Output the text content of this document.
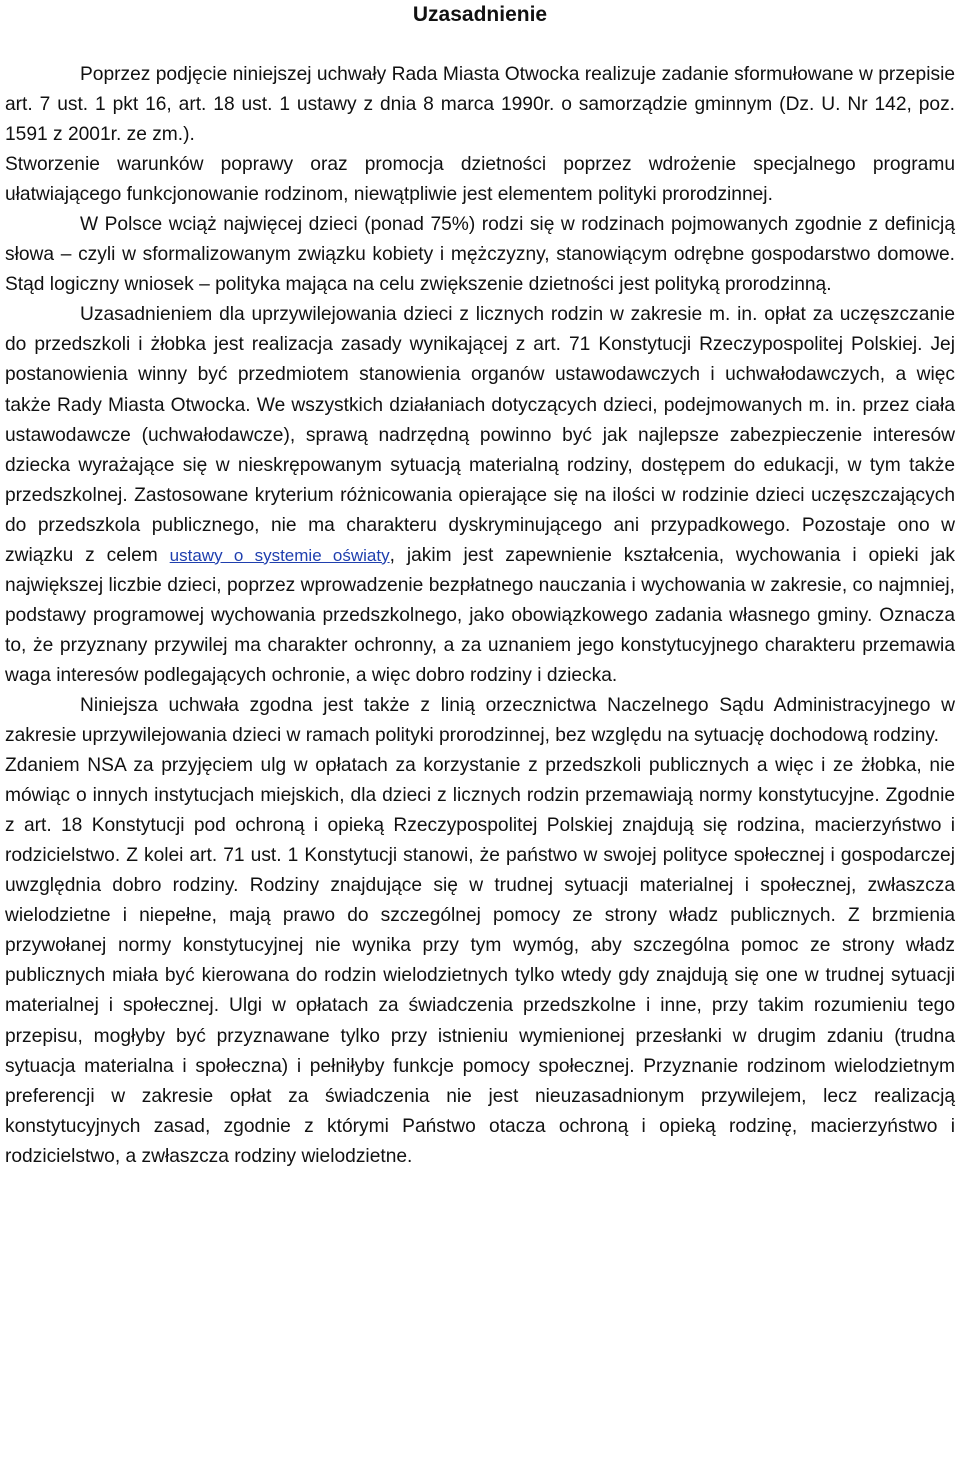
Uzasadnienie

Poprzez podjęcie niniejszej uchwały Rada Miasta Otwocka realizuje zadanie sformułowane w przepisie art. 7 ust. 1 pkt 16, art. 18 ust. 1 ustawy z dnia 8 marca 1990r. o samorządzie gminnym (Dz. U. Nr 142, poz. 1591 z 2001r. ze zm.).

Stworzenie warunków poprawy oraz promocja dzietności poprzez wdrożenie specjalnego programu ułatwiającego funkcjonowanie rodzinom, niewątpliwie jest elementem polityki prorodzinnej.

W Polsce wciąż najwięcej dzieci (ponad 75%) rodzi się w rodzinach pojmowanych zgodnie z definicją słowa – czyli w sformalizowanym związku kobiety i mężczyzny, stanowiącym odrębne gospodarstwo domowe. Stąd logiczny wniosek – polityka mająca na celu zwiększenie dzietności jest polityką prorodzinną.

Uzasadnieniem dla uprzywilejowania dzieci z licznych rodzin w zakresie m. in. opłat za uczęszczanie do przedszkoli i żłobka jest realizacja zasady wynikającej z art. 71 Konstytucji Rzeczypospolitej Polskiej. Jej postanowienia winny być przedmiotem stanowienia organów ustawodawczych i uchwałodawczych, a więc także Rady Miasta Otwocka. We wszystkich działaniach dotyczących dzieci, podejmowanych m. in. przez ciała ustawodawcze (uchwałodawcze), sprawą nadrzędną powinno być jak najlepsze zabezpieczenie interesów dziecka wyrażające się w nieskrępowanym sytuacją materialną rodziny, dostępem do edukacji, w tym także przedszkolnej. Zastosowane kryterium różnicowania opierające się na ilości w rodzinie dzieci uczęszczających do przedszkola publicznego, nie ma charakteru dyskryminującego ani przypadkowego. Pozostaje ono w związku z celem ustawy o systemie oświaty, jakim jest zapewnienie kształcenia, wychowania i opieki jak największej liczbie dzieci, poprzez wprowadzenie bezpłatnego nauczania i wychowania w zakresie, co najmniej, podstawy programowej wychowania przedszkolnego, jako obowiązkowego zadania własnego gminy. Oznacza to, że przyznany przywilej ma charakter ochronny, a za uznaniem jego konstytucyjnego charakteru przemawia waga interesów podlegających ochronie, a więc dobro rodziny i dziecka.

Niniejsza uchwała zgodna jest także z linią orzecznictwa Naczelnego Sądu Administracyjnego w zakresie uprzywilejowania dzieci w ramach polityki prorodzinnej, bez względu na sytuację dochodową rodziny.

Zdaniem NSA za przyjęciem ulg w opłatach za korzystanie z przedszkoli publicznych a więc i ze żłobka, nie mówiąc o innych instytucjach miejskich, dla dzieci z licznych rodzin przemawiają normy konstytucyjne. Zgodnie z art. 18 Konstytucji pod ochroną i opieką Rzeczypospolitej Polskiej znajdują się rodzina, macierzyństwo i rodzicielstwo. Z kolei art. 71 ust. 1 Konstytucji stanowi, że państwo w swojej polityce społecznej i gospodarczej uwzględnia dobro rodziny. Rodziny znajdujące się w trudnej sytuacji materialnej i społecznej, zwłaszcza wielodzietne i niepełne, mają prawo do szczególnej pomocy ze strony władz publicznych. Z brzmienia przywołanej normy konstytucyjnej nie wynika przy tym wymóg, aby szczególna pomoc ze strony władz publicznych miała być kierowana do rodzin wielodzietnych tylko wtedy gdy znajdują się one w trudnej sytuacji materialnej i społecznej. Ulgi w opłatach za świadczenia przedszkolne i inne, przy takim rozumieniu tego przepisu, mogłyby być przyznawane tylko przy istnieniu wymienionej przesłanki w drugim zdaniu (trudna sytuacja materialna i społeczna) i pełniłyby funkcje pomocy społecznej. Przyznanie rodzinom wielodzietnym preferencji w zakresie opłat za świadczenia nie jest nieuzasadnionym przywilejem, lecz realizacją konstytucyjnych zasad, zgodnie z którymi Państwo otacza ochroną i opieką rodzinę, macierzyństwo i rodzicielstwo, a zwłaszcza rodziny wielodzietne.
